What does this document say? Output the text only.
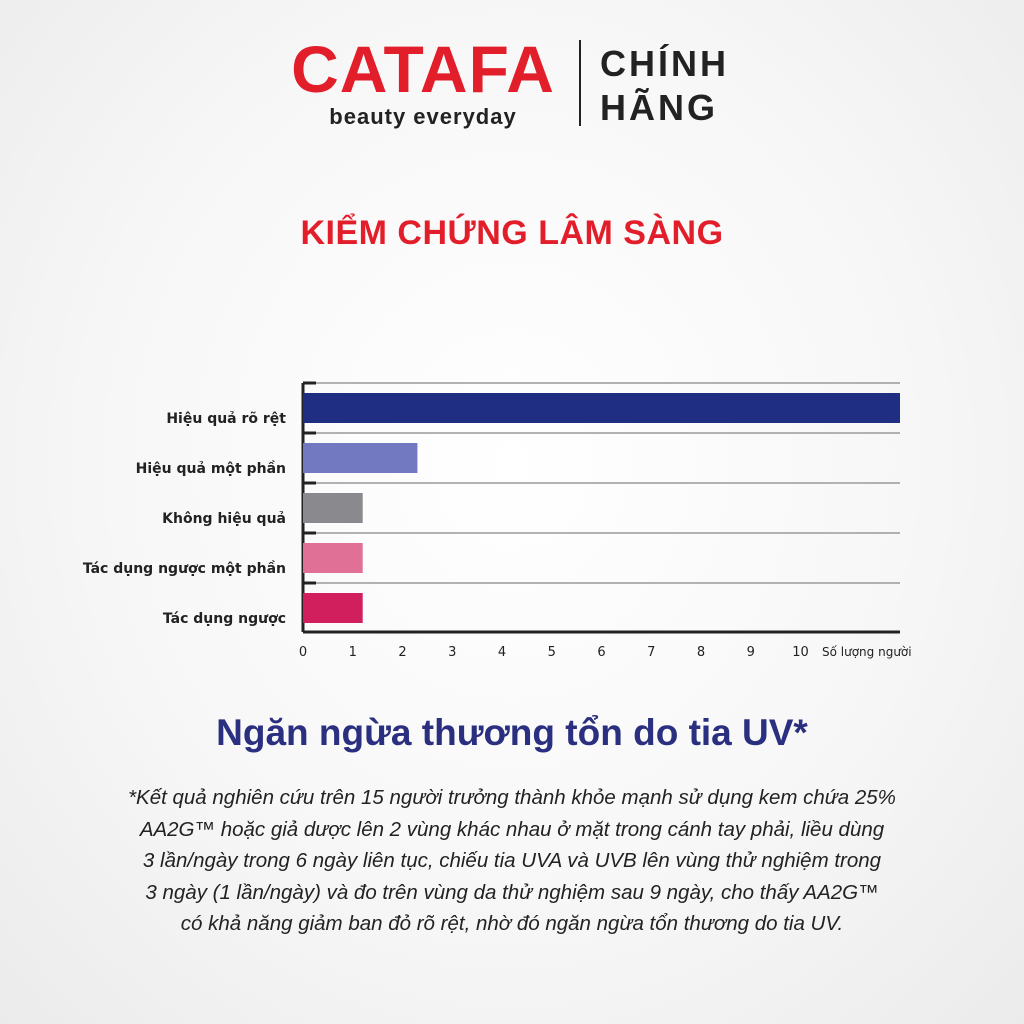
CATAFA
beauty everyday
CHÍNH
HÃNG
KIỂM CHỨNG LÂM SÀNG
Hiệu quả rõ rệt
Hiệu quả một phần
Không hiệu quả
Tác dụng ngược một phần
Tác dụng ngược
0	1	2	3	4	5	6	7	8	9	10 Số lượng người
Ngăn ngừa thương tổn do tia UV*
*Kết quả nghiên cứu trên 15 người trưởng thành khỏe mạnh sử dụng kem chứa 25%
AA2G™ hoặc giả dược lên 2 vùng khác nhau ở mặt trong cánh tay phải, liều dùng
3 lần/ngày trong 6 ngày liên tục, chiếu tia UVA và UVB lên vùng thử nghiệm trong
3 ngày (1 lần/ngày) và đo trên vùng da thử nghiệm sau 9 ngày, cho thấy AA2G™
có khả năng giảm ban đỏ rõ rệt, nhờ đó ngăn ngừa tổn thương do tia UV.
